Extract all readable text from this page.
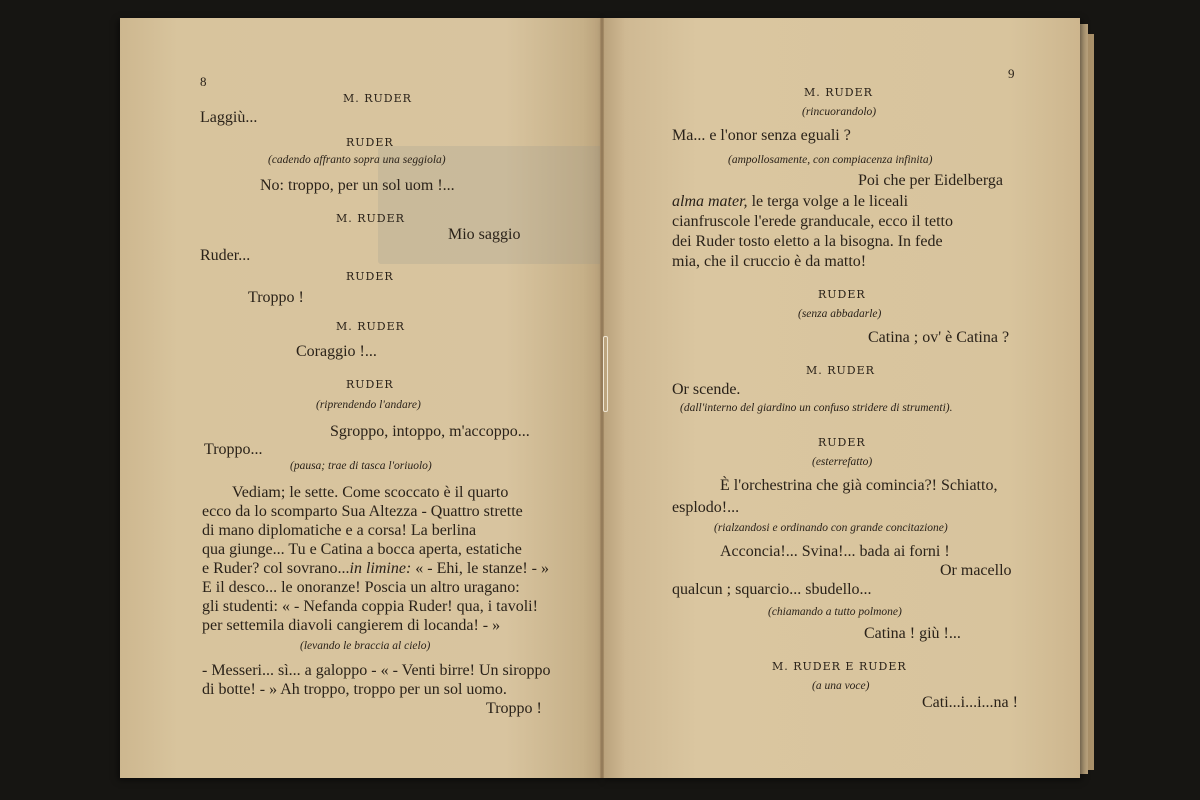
8
M. RUDER
Laggiù...
RUDER
(cadendo affranto sopra una seggiola)
No: troppo, per un sol uom !...
M. RUDER
Mio saggio
Ruder...
RUDER
Troppo !
M. RUDER
Coraggio !...
RUDER
(riprendendo l'andare)
Sgroppo, intoppo, m'accoppo...
Troppo...
(pausa; trae di tasca l'oriuolo)
Vediam; le sette. Come scoccato è il quarto
ecco da lo scomparto Sua Altezza - Quattro strette
di mano diplomatiche e a corsa! La berlina
qua giunge... Tu e Catina a bocca aperta, estatiche
e Ruder? col sovrano...in limine: « - Ehi, le stanze! - »
E il desco... le onoranze! Poscia un altro uragano:
gli studenti: « - Nefanda coppia Ruder! qua, i tavoli!
per settemila diavoli cangierem di locanda! - »
(levando le braccia al cielo)
- Messeri... sì... a galoppo - « - Venti birre! Un siroppo
di botte! - » Ah troppo, troppo per un sol uomo.
Troppo !
9
M. RUDER
(rincuorandolo)
Ma... e l'onor senza eguali ?
(ampollosamente, con compiacenza infinita)
Poi che per Eidelberga
alma mater, le terga volge a le liceali
cianfruscole l'erede granducale, ecco il tetto
dei Ruder tosto eletto a la bisogna. In fede
mia, che il cruccio è da matto!
RUDER
(senza abbadarle)
Catina ; ov' è Catina ?
M. RUDER
Or scende.
(dall'interno del giardino un confuso stridere di strumenti).
RUDER
(esterrefatto)
È l'orchestrina che già comincia?! Schiatto,
esplodo!...
(rialzandosi e ordinando con grande concitazione)
Acconcia!... Svina!... bada ai forni !
Or macello
qualcun ; squarcio... sbudello...
(chiamando a tutto polmone)
Catina ! giù !...
M. RUDER E RUDER
(a una voce)
Cati...i...i...na !
